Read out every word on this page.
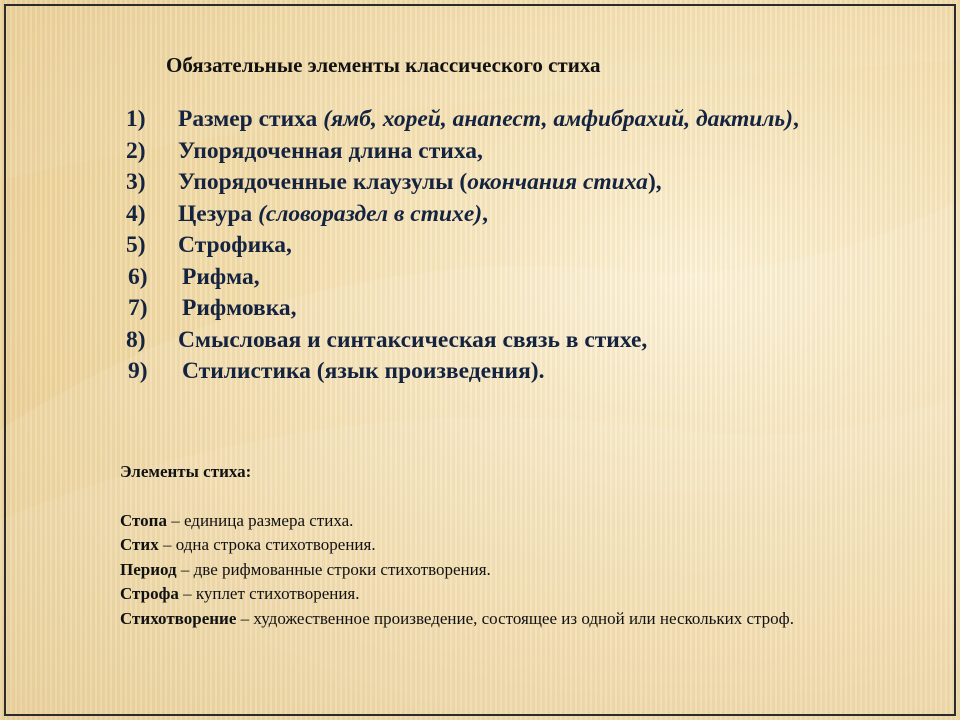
Обязательные элементы классического стиха
1) Размер стиха (ямб, хорей, анапест, амфибрахий, дактиль),
2) Упорядоченная длина стиха,
3) Упорядоченные клаузулы (окончания стиха),
4) Цезура (словораздел в стихе),
5) Строфика,
6) Рифма,
7) Рифмовка,
8) Смысловая и синтаксическая связь в стихе,
9) Стилистика (язык произведения).
Элементы стиха:

Стопа – единица размера стиха.

Стих – одна строка стихотворения.

Период – две рифмованные строки стихотворения.

Строфа – куплет стихотворения.

Стихотворение – художественное произведение, состоящее из одной или нескольких строф.
